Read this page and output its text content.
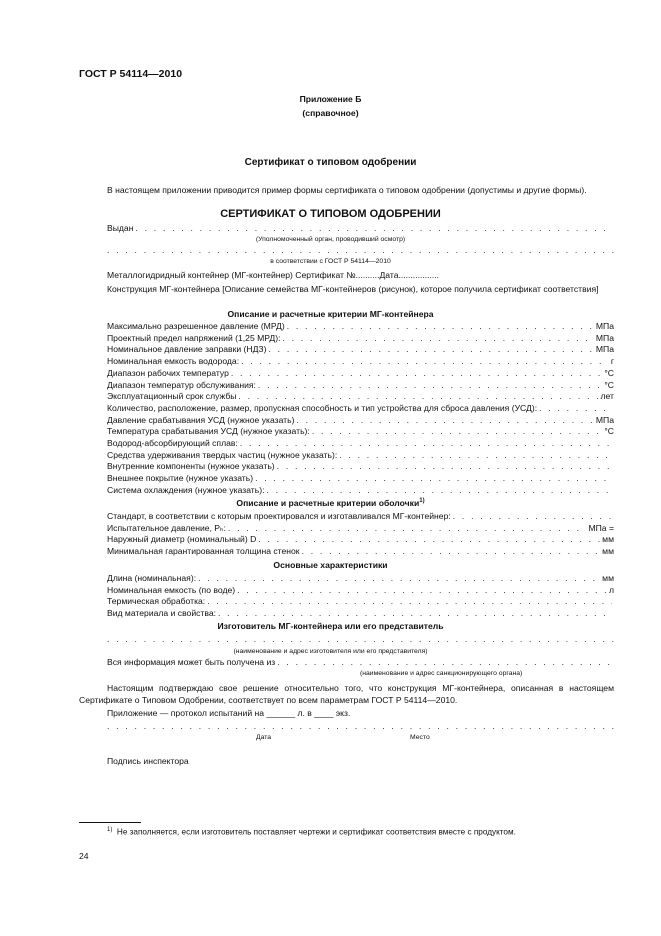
ГОСТ Р 54114—2010
Приложение Б
(справочное)
Сертификат о типовом одобрении
В настоящем приложении приводится пример формы сертификата о типовом одобрении (допустимы и другие формы).
СЕРТИФИКАТ О ТИПОВОМ ОДОБРЕНИИ
Выдан
. . .
(Уполномоченный орган, проводивший осмотр)
. . .
в соответствии с ГОСТ Р 54114—2010
Металлогидридный контейнер (МГ-контейнер) Сертификат №..........Дата.................
Конструкция МГ-контейнера [Описание семейства МГ-контейнеров (рисунок), которое получила сертификат соответствия]
Описание и расчетные критерии МГ-контейнера
Максимально разрешенное давление (МРД) . . .	МПа
Проектный предел напряжений (1,25 МРД): . . .	МПа
Номинальное давление заправки (НДЗ) . . .	МПа
Номинальная емкость водорода: . . .	г
Диапазон рабочих температур . . .	°С
Диапазон температур обслуживания: . . .	°С
Эксплуатационный срок службы . . .	лет
Количество, расположение, размер, пропускная способность и тип устройства для сброса давления (УСД):
. . .
Давление срабатывания УСД (нужное указать) . . .	МПа
Температура срабатывания УСД (нужное указать): . . .	°С
Водород-абсорбирующий сплав:
. . .
Средства удерживания твердых частиц (нужное указать):
. . .
Внутренние компоненты (нужное указать)
. . .
Внешнее покрытие (нужное указать)
. . .
Система охлаждения (нужное указать):
. . .
Описание и расчетные критерии оболочки$^{1)}$
Стандарт, в соответствии с которым проектировался и изготавливался МГ-контейнер:
. . .
Испытательное давление, Pₕ: . . .	МПа =
Наружный диаметр (номинальный) D . . .	мм
Минимальная гарантированная толщина стенок . . .	мм
Основные характеристики
Длина (номинальная): . . .	мм
Номинальная емкость (по воде) . . .	л
Термическая обработка:
. . .
Вид материала и свойства:
. . .
Изготовитель МГ-контейнера или его представитель
. . .
(наименование и адрес изготовителя или его представителя)
Вся информация может быть получена из
. . .
(наименование и адрес санкционирующего органа)
Настоящим подтверждаю свое решение относительно того, что конструкция МГ-контейнера, описанная в настоящем Сертификате о Типовом Одобрении, соответствует по всем параметрам ГОСТ Р 54114—2010.
Приложение — протокол испытаний на ______ л. в ____ экз.
. . .
Дата	Место
Подпись инспектора
$^{1)}$ Не заполняется, если изготовитель поставляет чертежи и сертификат соответствия вместе с продуктом.
24
